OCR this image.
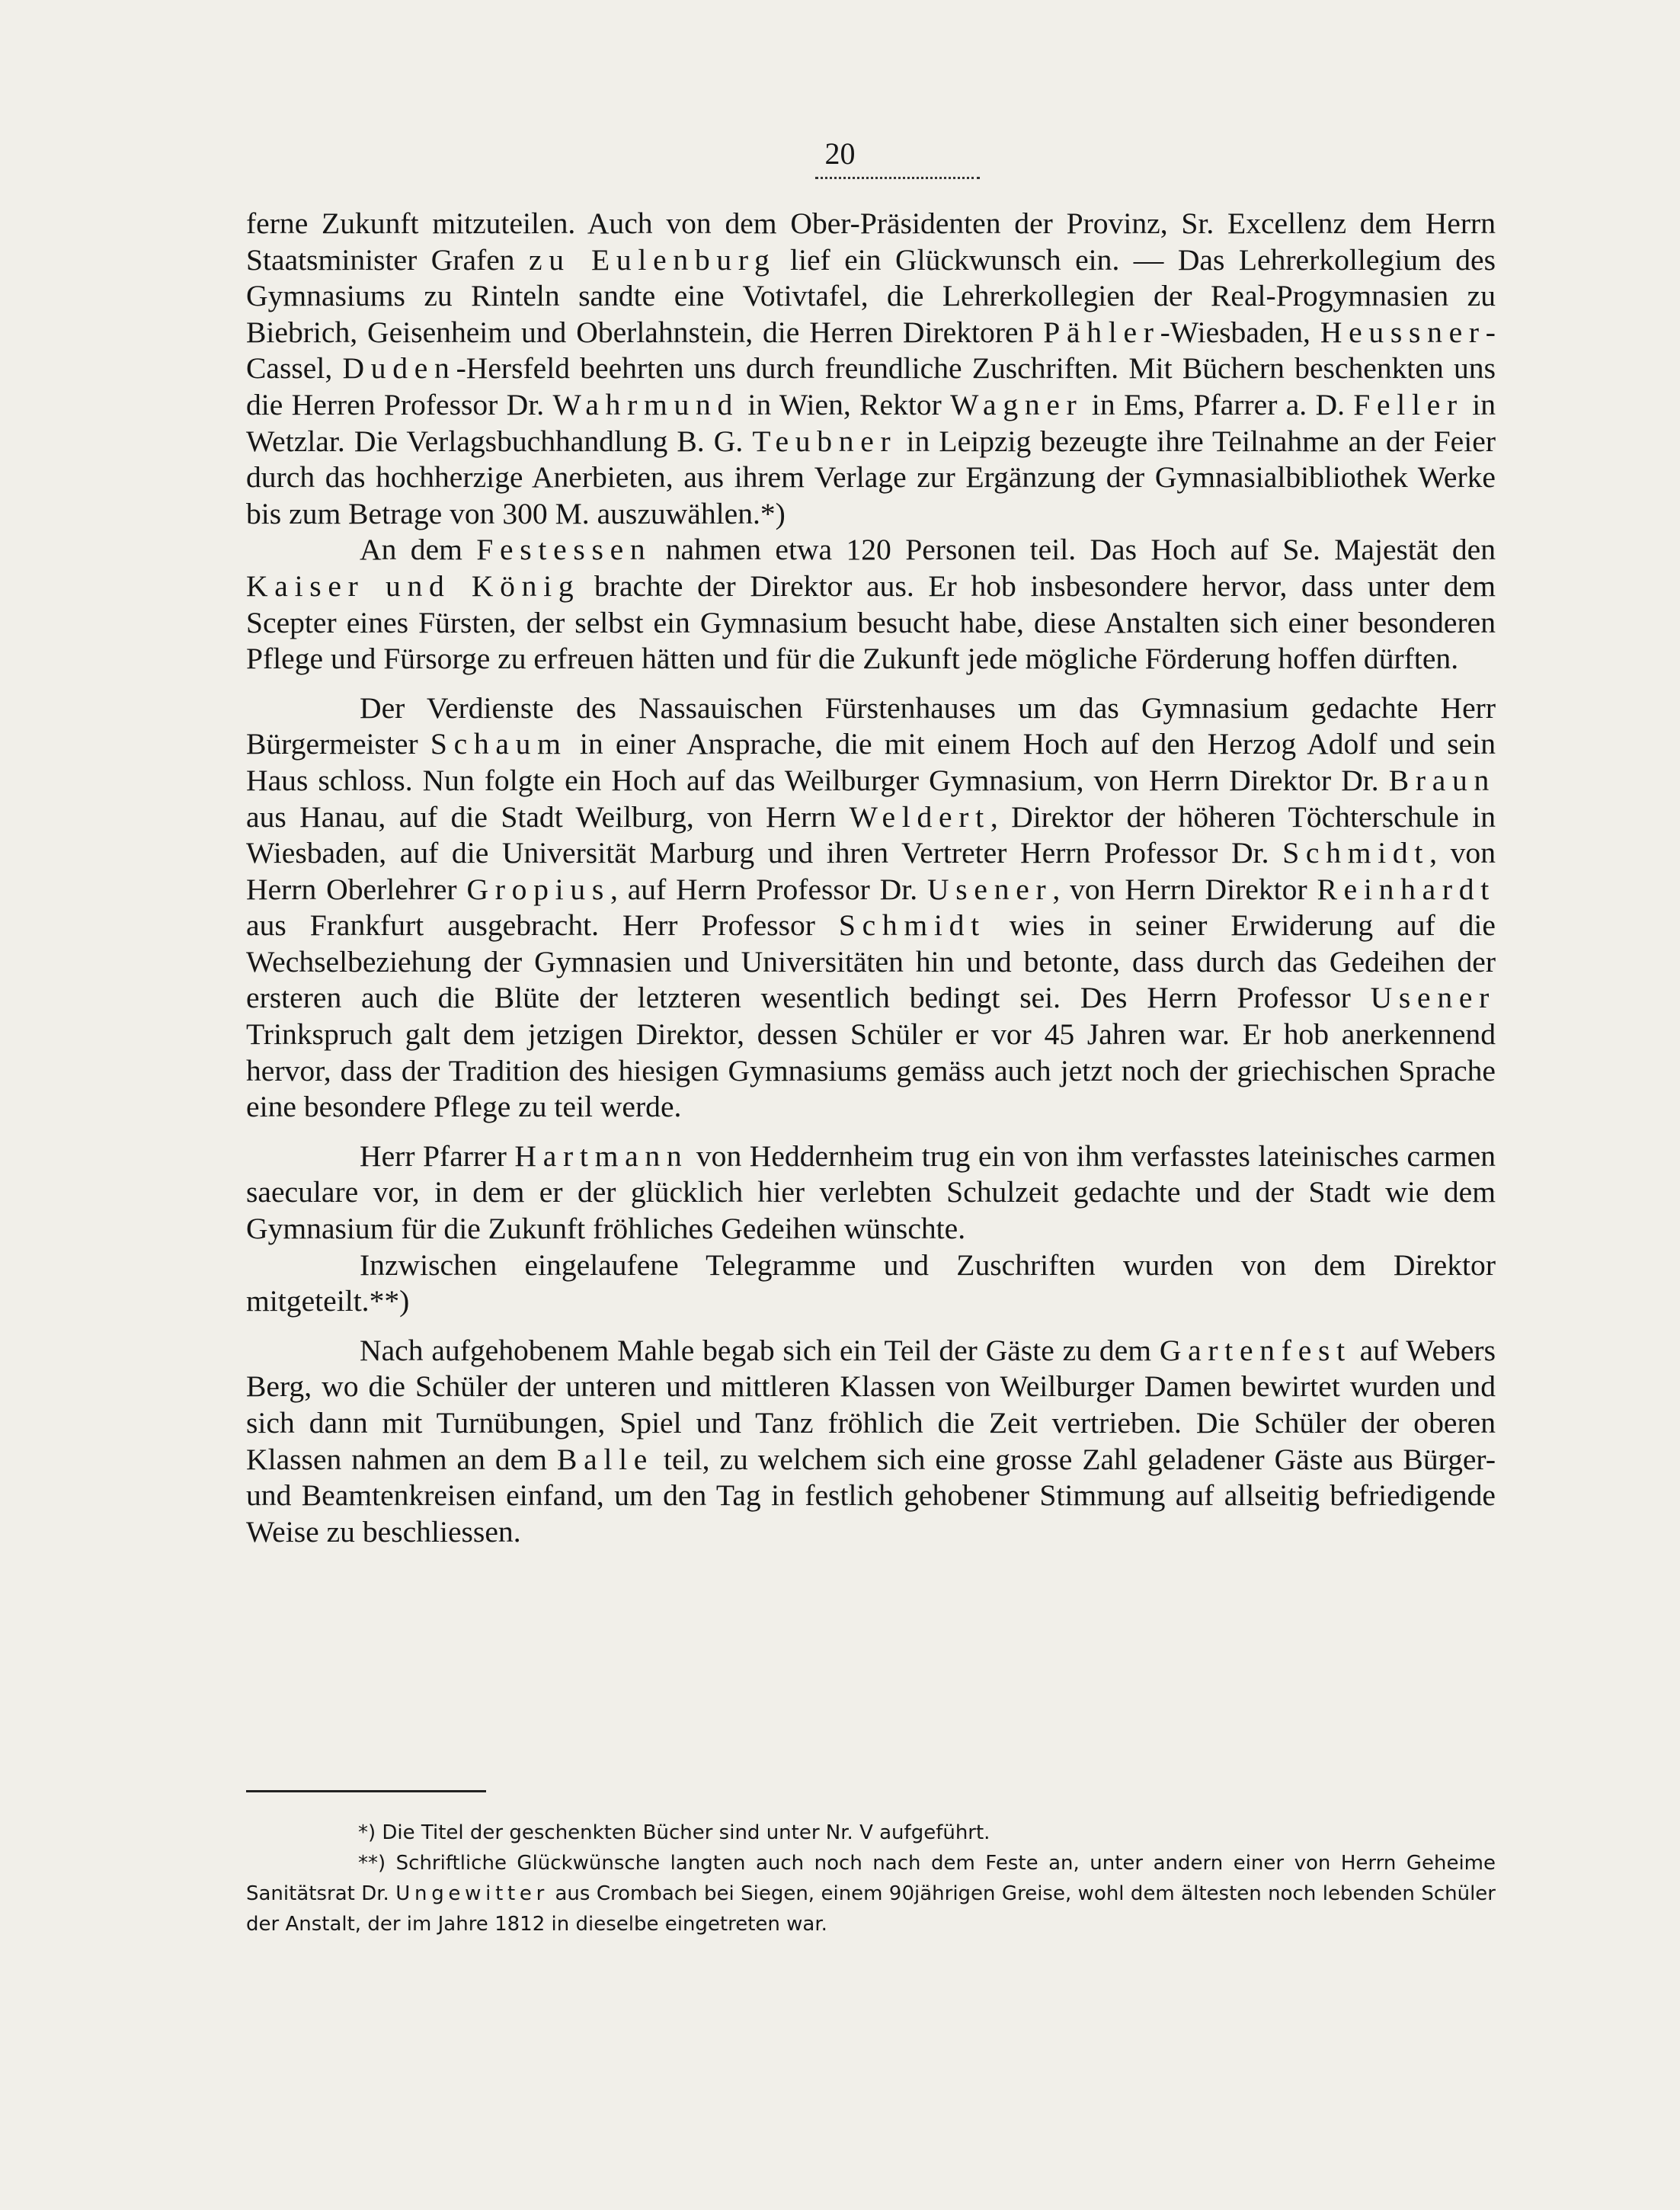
20

ferne Zukunft mitzuteilen. Auch von dem Ober-Präsidenten der Provinz, Sr. Excellenz dem Herrn Staatsminister Grafen zu Eulenburg lief ein Glückwunsch ein. — Das Lehrerkollegium des Gymnasiums zu Rinteln sandte eine Votivtafel, die Lehrerkollegien der Real-Progymnasien zu Biebrich, Geisenheim und Oberlahnstein, die Herren Direktoren Pähler-Wiesbaden, Heussner-Cassel, Duden-Hersfeld beehrten uns durch freundliche Zuschriften. Mit Büchern beschenkten uns die Herren Professor Dr. Wahrmund in Wien, Rektor Wagner in Ems, Pfarrer a. D. Feller in Wetzlar. Die Verlagsbuchhandlung B. G. Teubner in Leipzig bezeugte ihre Teilnahme an der Feier durch das hochherzige Anerbieten, aus ihrem Verlage zur Ergänzung der Gymnasialbibliothek Werke bis zum Betrage von 300 M. auszuwählen.*)

An dem Festessen nahmen etwa 120 Personen teil. Das Hoch auf Se. Majestät den Kaiser und König brachte der Direktor aus. Er hob insbesondere hervor, dass unter dem Scepter eines Fürsten, der selbst ein Gymnasium besucht habe, diese Anstalten sich einer besonderen Pflege und Fürsorge zu erfreuen hätten und für die Zukunft jede mögliche Förderung hoffen dürften.

Der Verdienste des Nassauischen Fürstenhauses um das Gymnasium gedachte Herr Bürgermeister Schaum in einer Ansprache, die mit einem Hoch auf den Herzog Adolf und sein Haus schloss. Nun folgte ein Hoch auf das Weilburger Gymnasium, von Herrn Direktor Dr. Braun aus Hanau, auf die Stadt Weilburg, von Herrn Weldert, Direktor der höheren Töchterschule in Wiesbaden, auf die Universität Marburg und ihren Vertreter Herrn Professor Dr. Schmidt, von Herrn Oberlehrer Gropius, auf Herrn Professor Dr. Usener, von Herrn Direktor Reinhardt aus Frankfurt ausgebracht. Herr Professor Schmidt wies in seiner Erwiderung auf die Wechselbeziehung der Gymnasien und Universitäten hin und betonte, dass durch das Gedeihen der ersteren auch die Blüte der letzteren wesentlich bedingt sei. Des Herrn Professor Usener Trinkspruch galt dem jetzigen Direktor, dessen Schüler er vor 45 Jahren war. Er hob anerkennend hervor, dass der Tradition des hiesigen Gymnasiums gemäss auch jetzt noch der griechischen Sprache eine besondere Pflege zu teil werde.

Herr Pfarrer Hartmann von Heddernheim trug ein von ihm verfasstes lateinisches carmen saeculare vor, in dem er der glücklich hier verlebten Schulzeit gedachte und der Stadt wie dem Gymnasium für die Zukunft fröhliches Gedeihen wünschte.

Inzwischen eingelaufene Telegramme und Zuschriften wurden von dem Direktor mitgeteilt.**)

Nach aufgehobenem Mahle begab sich ein Teil der Gäste zu dem Gartenfest auf Webers Berg, wo die Schüler der unteren und mittleren Klassen von Weilburger Damen bewirtet wurden und sich dann mit Turnübungen, Spiel und Tanz fröhlich die Zeit vertrieben. Die Schüler der oberen Klassen nahmen an dem Balle teil, zu welchem sich eine grosse Zahl geladener Gäste aus Bürger- und Beamtenkreisen einfand, um den Tag in festlich gehobener Stimmung auf allseitig befriedigende Weise zu beschliessen.

*) Die Titel der geschenkten Bücher sind unter Nr. V aufgeführt.

**) Schriftliche Glückwünsche langten auch noch nach dem Feste an, unter andern einer von Herrn Geheime Sanitätsrat Dr. Ungewitter aus Crombach bei Siegen, einem 90jährigen Greise, wohl dem ältesten noch lebenden Schüler der Anstalt, der im Jahre 1812 in dieselbe eingetreten war.
